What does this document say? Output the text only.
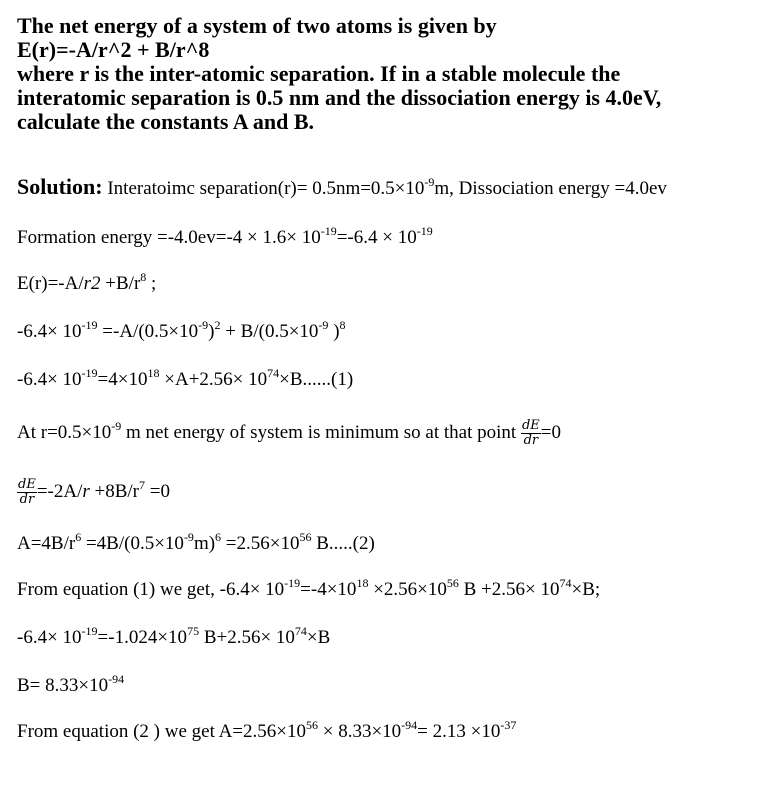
The net energy of a system of two atoms is given by
E(r)=-A/r^2 + B/r^8
where r is the inter-atomic separation. If in a stable molecule the
interatomic separation is 0.5 nm and the dissociation energy is 4.0eV,
calculate the constants A and B.
Solution: Interatoimc separation(r)= $0.5nm=0.5\times 10^{-9}m$, Dissociation energy =4.0ev
Formation energy $=-4.0ev=-4 \times 1.6\times 10^{-19}=-6.4 \times 10^{-19}$
$E(r)=-A/r2 +B/r^8$ ;
$-6.4\times 10^{-19} =-A/(0.5\times 10^{-9})^2 + B/(0.5\times 10^{-9}$ )$^8$
$-6.4\times 10^{-19}=4\times 10^{18} \times A+2.56\times 10^{74}\times B......(1)$
At $r=0.5\times 10^{-9}$ m net energy of system is minimum so at that point $\frac{dE}{dr} =0$
$\frac{dE}{dr} =-2A/r +8B/r^7 =0$
$A=4B/r^6 =4B/(0.5\times 10^{-9}m)^6 =2.56\times 10^{56}$ B.....(2)
From equation (1) we get, $-6.4\times 10^{-19}=-4\times 10^{18} \times 2.56\times 10^{56}$ $B +2.56\times 10^{74}\times B$;
$-6.4\times 10^{-19}=-1.024\times 10^{75}$ $B+2.56\times 10^{74}\times B$
$B= 8.33\times 10^{-94}$
From equation (2 ) we get $A=2.56\times 10^{56} \times 8.33\times 10^{-94}= 2.13 \times 10^{-37}$
